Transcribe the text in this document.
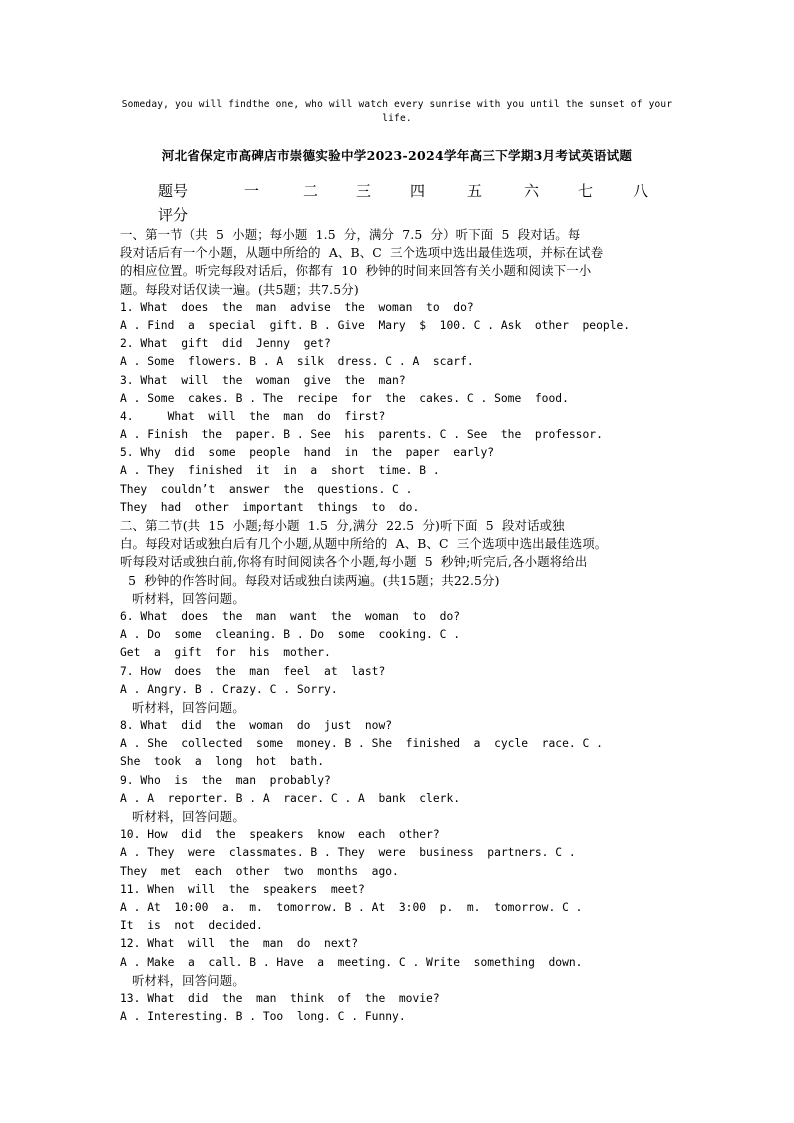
Someday, you will findthe one, who will watch every sunrise with you until the sunset of your life.
河北省保定市高碑店市崇德实验中学2023-2024学年高三下学期3月考试英语试题
题号	一	二	三	四	五	六	七	八
评分
一、第一节（共  5  小题；每小题  1.5  分，满分  7.5  分）听下面  5  段对话。每
段对话后有一个小题，从题中所给的  A、B、C  三个选项中选出最佳选项，并标在试卷
的相应位置。听完每段对话后，你都有  10  秒钟的时间来回答有关小题和阅读下一小
题。每段对话仅读一遍。(共5题；共7.5分)
1. What  does  the  man  advise  the  woman  to  do?
A . Find  a  special  gift. B . Give  Mary  $  100. C . Ask  other  people.
2. What  gift  did  Jenny  get?
A . Some  flowers. B . A  silk  dress. C . A  scarf.
3. What  will  the  woman  give  the  man?
A . Some  cakes. B . The  recipe  for  the  cakes. C . Some  food.
4.     What  will  the  man  do  first?
A . Finish  the  paper. B . See  his  parents. C . See  the  professor.
5. Why  did  some  people  hand  in  the  paper  early?
A . They  finished  it  in  a  short  time. B .
They  couldn’t  answer  the  questions. C .
They  had  other  important  things  to  do.
二、第二节(共  15  小题;每小题  1.5  分,满分  22.5  分)听下面  5  段对话或独
白。每段对话或独白后有几个小题,从题中所给的  A、B、C  三个选项中选出最佳选项。
听每段对话或独白前,你将有时间阅读各个小题,每小题  5  秒钟;听完后,各小题将给出
5  秒钟的作答时间。每段对话或独白读两遍。(共15题；共22.5分)
听材料，回答问题。
6. What  does  the  man  want  the  woman  to  do?
A . Do  some  cleaning. B . Do  some  cooking. C .
Get  a  gift  for  his  mother.
7. How  does  the  man  feel  at  last?
A . Angry. B . Crazy. C . Sorry.
听材料，回答问题。
8. What  did  the  woman  do  just  now?
A . She  collected  some  money. B . She  finished  a  cycle  race. C .
She  took  a  long  hot  bath.
9. Who  is  the  man  probably?
A . A  reporter. B . A  racer. C . A  bank  clerk.
听材料，回答问题。
10. How  did  the  speakers  know  each  other?
A . They  were  classmates. B . They  were  business  partners. C .
They  met  each  other  two  months  ago.
11. When  will  the  speakers  meet?
A . At  10:00  a.  m.  tomorrow. B . At  3:00  p.  m.  tomorrow. C .
It  is  not  decided.
12. What  will  the  man  do  next?
A . Make  a  call. B . Have  a  meeting. C . Write  something  down.
听材料，回答问题。
13. What  did  the  man  think  of  the  movie?
A . Interesting. B . Too  long. C . Funny.
